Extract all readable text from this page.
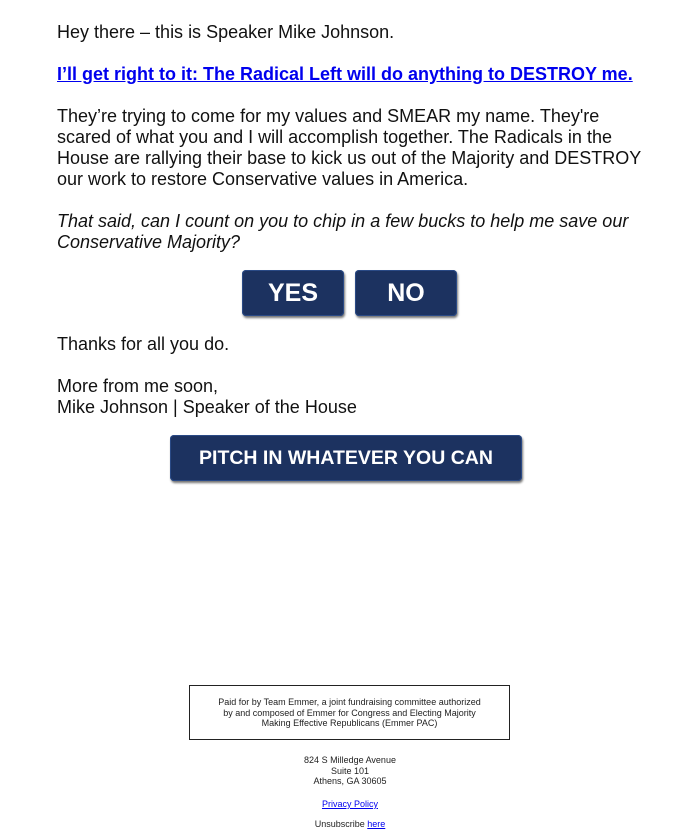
Hey there – this is Speaker Mike Johnson.

I’ll get right to it: The Radical Left will do anything to DESTROY me.
They’re trying to come for my values and SMEAR my name. They're
scared of what you and I will accomplish together. The Radicals in the
House are rallying their base to kick us out of the Majority and DESTROY
our work to restore Conservative values in America.
That said, can I count on you to chip in a few bucks to help me save our
Conservative Majority?

Thanks for all you do.

More from me soon,
Mike Johnson | Speaker of the House
YES	NO
PITCH IN WHATEVER YOU CAN
Paid for by Team Emmer, a joint fundraising committee authorized
by and composed of Emmer for Congress and Electing Majority
Making Effective Republicans (Emmer PAC)
824 S Milledge Avenue
Suite 101
Athens, GA 30605
Privacy Policy
Unsubscribe here
